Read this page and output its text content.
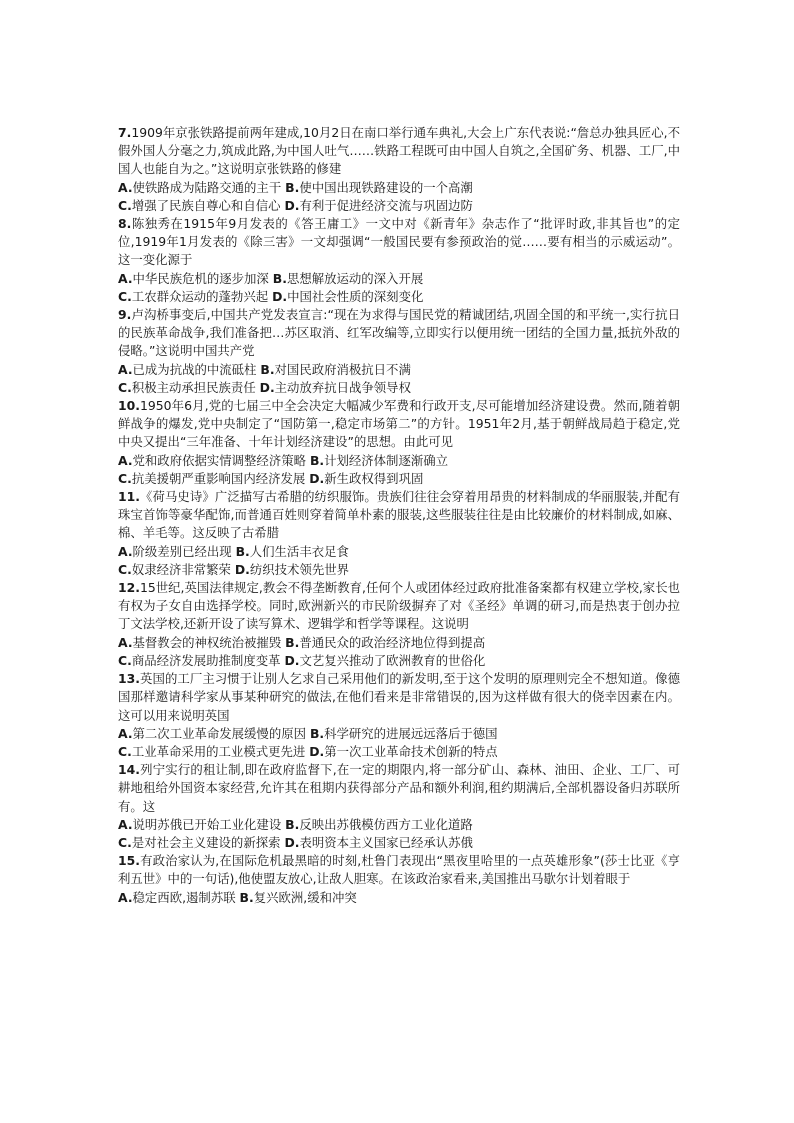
7.1909年京张铁路提前两年建成,10月2日在南口举行通车典礼,大会上广东代表说:“詹总办独具匠心,不假外国人分毫之力,筑成此路,为中国人吐气……铁路工程既可由中国人自筑之,全国矿务、机器、工厂,中国人也能自为之。”这说明京张铁路的修建
A.使铁路成为陆路交通的主干 B.使中国出现铁路建设的一个高潮
C.增强了民族自尊心和自信心 D.有利于促进经济交流与巩固边防
8.陈独秀在1915年9月发表的《答王庸工》一文中对《新青年》杂志作了“批评时政,非其旨也”的定位,1919年1月发表的《除三害》一文却强调“一般国民要有参预政治的觉……要有相当的示威运动”。这一变化源于
A.中华民族危机的逐步加深 B.思想解放运动的深入开展
C.工农群众运动的蓬勃兴起 D.中国社会性质的深刻变化
9.卢沟桥事变后,中国共产党发表宣言:“现在为求得与国民党的精诚团结,巩固全国的和平统一,实行抗日的民族革命战争,我们准备把…苏区取消、红军改编等,立即实行以便用统一团结的全国力量,抵抗外敌的侵略。”这说明中国共产党
A.已成为抗战的中流砥柱 B.对国民政府消极抗日不满
C.积极主动承担民族责任 D.主动放弃抗日战争领导权
10.1950年6月,党的七届三中全会决定大幅减少军费和行政开支,尽可能增加经济建设费。然而,随着朝鲜战争的爆发,党中央制定了“国防第一,稳定市场第二”的方针。1951年2月,基于朝鲜战局趋于稳定,党中央又提出“三年准备、十年计划经济建设”的思想。由此可见
A.党和政府依据实情调整经济策略 B.计划经济体制逐渐确立
C.抗美援朝严重影响国内经济发展 D.新生政权得到巩固
11.《荷马史诗》广泛描写古希腊的纺织服饰。贵族们往往会穿着用昂贵的材料制成的华丽服装,并配有珠宝首饰等豪华配饰,而普通百姓则穿着简单朴素的服装,这些服装往往是由比较廉价的材料制成,如麻、棉、羊毛等。这反映了古希腊
A.阶级差别已经出现 B.人们生活丰衣足食
C.奴隶经济非常繁荣 D.纺织技术领先世界
12.15世纪,英国法律规定,教会不得垄断教育,任何个人或团体经过政府批准备案都有权建立学校,家长也有权为子女自由选择学校。同时,欧洲新兴的市民阶级摒弃了对《圣经》单调的研习,而是热衷于创办拉丁文法学校,还新开设了读写算术、逻辑学和哲学等课程。这说明
A.基督教会的神权统治被摧毁 B.普通民众的政治经济地位得到提高
C.商品经济发展助推制度变革 D.文艺复兴推动了欧洲教育的世俗化
13.英国的工厂主习惯于让别人乞求自己采用他们的新发明,至于这个发明的原理则完全不想知道。像德国那样邀请科学家从事某种研究的做法,在他们看来是非常错误的,因为这样做有很大的侥幸因素在内。这可以用来说明英国
A.第二次工业革命发展缓慢的原因 B.科学研究的进展远远落后于德国
C.工业革命采用的工业模式更先进 D.第一次工业革命技术创新的特点
14.列宁实行的租让制,即在政府监督下,在一定的期限内,将一部分矿山、森林、油田、企业、工厂、可耕地租给外国资本家经营,允许其在租期内获得部分产品和额外利润,租约期满后,全部机器设备归苏联所有。这
A.说明苏俄已开始工业化建设 B.反映出苏俄模仿西方工业化道路
C.是对社会主义建设的新探索 D.表明资本主义国家已经承认苏俄
15.有政治家认为,在国际危机最黑暗的时刻,杜鲁门表现出“黑夜里哈里的一点英雄形象”(莎士比亚《亨利五世》中的一句话),他使盟友放心,让敌人胆寒。在该政治家看来,美国推出马歇尔计划着眼于
A.稳定西欧,遏制苏联 B.复兴欧洲,缓和冲突
